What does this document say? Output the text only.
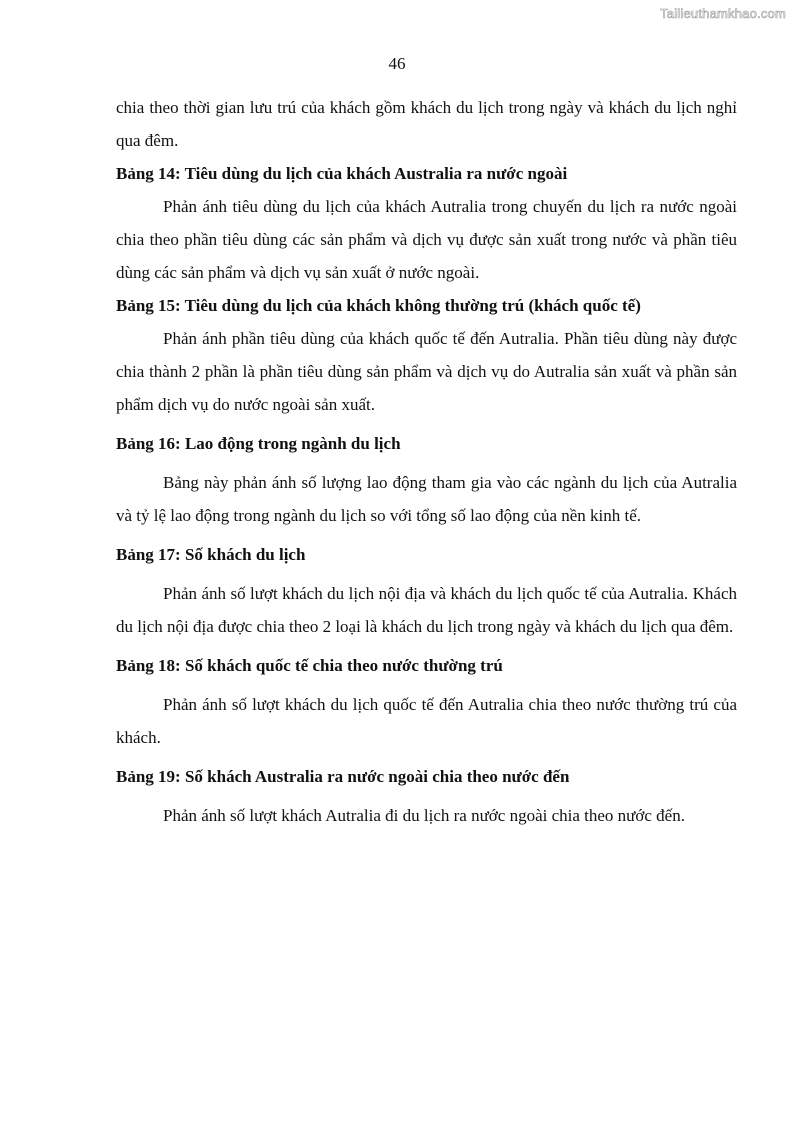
Tailieuthamkhao.com
46

chia theo thời gian lưu trú của khách gồm khách du lịch trong ngày và khách du lịch nghỉ qua đêm.

Bảng 14: Tiêu dùng du lịch của khách Australia ra nước ngoài

Phản ánh tiêu dùng du lịch của khách Autralia trong chuyến du lịch ra nước ngoài chia theo phần tiêu dùng các sản phẩm và dịch vụ được sản xuất trong nước và phần tiêu dùng các sản phẩm và dịch vụ sản xuất ở nước ngoài.

Bảng 15: Tiêu dùng du lịch của khách không thường trú (khách quốc tế)

Phản ánh phần tiêu dùng của khách quốc tế đến Autralia. Phần tiêu dùng này được chia thành 2 phần là phần tiêu dùng sản phẩm và dịch vụ do Autralia sản xuất và phần sản phẩm dịch vụ do nước ngoài sản xuất.

Bảng 16: Lao động trong ngành du lịch

Bảng này phản ánh số lượng lao động tham gia vào các ngành du lịch của Autralia và tỷ lệ lao động trong ngành du lịch so với tổng số lao động của nền kinh tế.

Bảng 17: Số khách du lịch

Phản ánh số lượt khách du lịch nội địa và khách du lịch quốc tế của Autralia. Khách du lịch nội địa được chia theo 2 loại là khách du lịch trong ngày và khách du lịch qua đêm.

Bảng 18: Số khách quốc tế chia theo nước thường trú

Phản ánh số lượt khách du lịch quốc tế đến Autralia chia theo nước thường trú của khách.

Bảng 19: Số khách Australia ra nước ngoài chia theo nước đến

Phản ánh số lượt khách Autralia đi du lịch ra nước ngoài chia theo nước đến.
